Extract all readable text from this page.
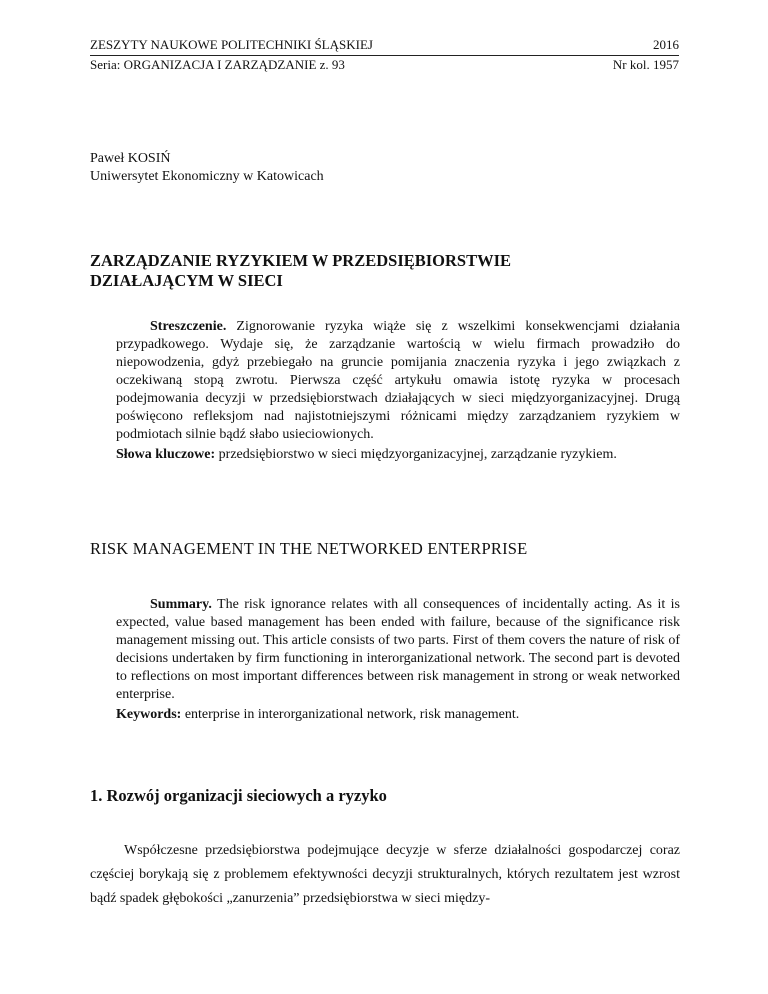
ZESZYTY NAUKOWE POLITECHNIKI ŚLĄSKIEJ	2016
Seria: ORGANIZACJA I ZARZĄDZANIE z. 93	Nr kol. 1957
Paweł KOSIŃ
Uniwersytet Ekonomiczny w Katowicach
ZARZĄDZANIE RYZYKIEM W PRZEDSIĘBIORSTWIE
DZIAŁAJĄCYM W SIECI

Streszczenie. Zignorowanie ryzyka wiąże się z wszelkimi konsekwencjami działania przypadkowego. Wydaje się, że zarządzanie wartością w wielu firmach prowadziło do niepowodzenia, gdyż przebiegało na gruncie pomijania znaczenia ryzyka i jego związkach z oczekiwaną stopą zwrotu. Pierwsza część artykułu omawia istotę ryzyka w procesach podejmowania decyzji w przedsiębiorstwach działających w sieci międzyorganizacyjnej. Drugą poświęcono refleksjom nad najistotniejszymi różnicami między zarządzaniem ryzykiem w podmiotach silnie bądź słabo usieciowionych.

Słowa kluczowe: przedsiębiorstwo w sieci międzyorganizacyjnej, zarządzanie ryzykiem.

RISK MANAGEMENT IN THE NETWORKED ENTERPRISE

Summary. The risk ignorance relates with all consequences of incidentally acting. As it is expected, value based management has been ended with failure, because of the significance risk management missing out. This article consists of two parts. First of them covers the nature of risk of decisions undertaken by firm functioning in interorganizational network. The second part is devoted to reflections on most important differences between risk management in strong or weak networked enterprise.

Keywords: enterprise in interorganizational network, risk management.

1. Rozwój organizacji sieciowych a ryzyko

Współczesne przedsiębiorstwa podejmujące decyzje w sferze działalności gospodarczej coraz częściej borykają się z problemem efektywności decyzji strukturalnych, których rezultatem jest wzrost bądź spadek głębokości „zanurzenia” przedsiębiorstwa w sieci między-
